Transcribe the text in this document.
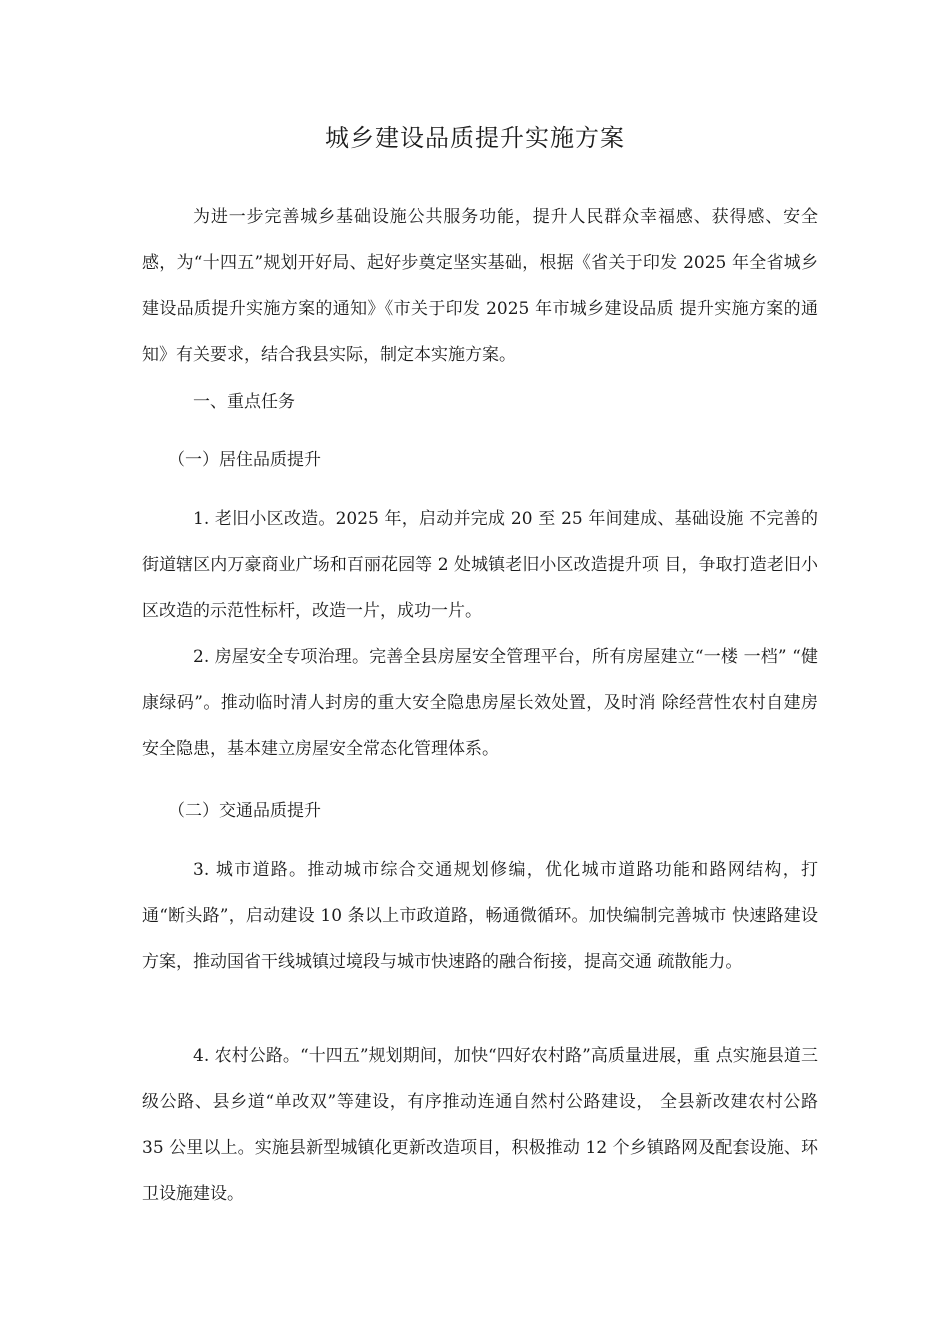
城乡建设品质提升实施方案

为进一步完善城乡基础设施公共服务功能，提升人民群众幸福感、获得感、安全感，为“十四五”规划开好局、起好步奠定坚实基础，根据《省关于印发 2025 年全省城乡建设品质提升实施方案的通知》《市关于印发 2025 年市城乡建设品质 提升实施方案的通知》有关要求，结合我县实际，制定本实施方案。

一、重点任务

（一）居住品质提升

1. 老旧小区改造。2025 年，启动并完成 20 至 25 年间建成、基础设施 不完善的街道辖区内万豪商业广场和百丽花园等 2 处城镇老旧小区改造提升项 目，争取打造老旧小区改造的示范性标杆，改造一片，成功一片。

2. 房屋安全专项治理。完善全县房屋安全管理平台，所有房屋建立“一楼 一档” “健康绿码”。推动临时清人封房的重大安全隐患房屋长效处置，及时消 除经营性农村自建房安全隐患，基本建立房屋安全常态化管理体系。

（二）交通品质提升

3. 城市道路。推动城市综合交通规划修编，优化城市道路功能和路网结构，打通“断头路”，启动建设 10 条以上市政道路，畅通微循环。加快编制完善城市 快速路建设方案，推动国省干线城镇过境段与城市快速路的融合衔接，提高交通 疏散能力。

4. 农村公路。“十四五”规划期间，加快“四好农村路”高质量进展，重 点实施县道三级公路、县乡道“单改双”等建设，有序推动连通自然村公路建设， 全县新改建农村公路 35 公里以上。实施县新型城镇化更新改造项目，积极推动 12 个乡镇路网及配套设施、环卫设施建设。
